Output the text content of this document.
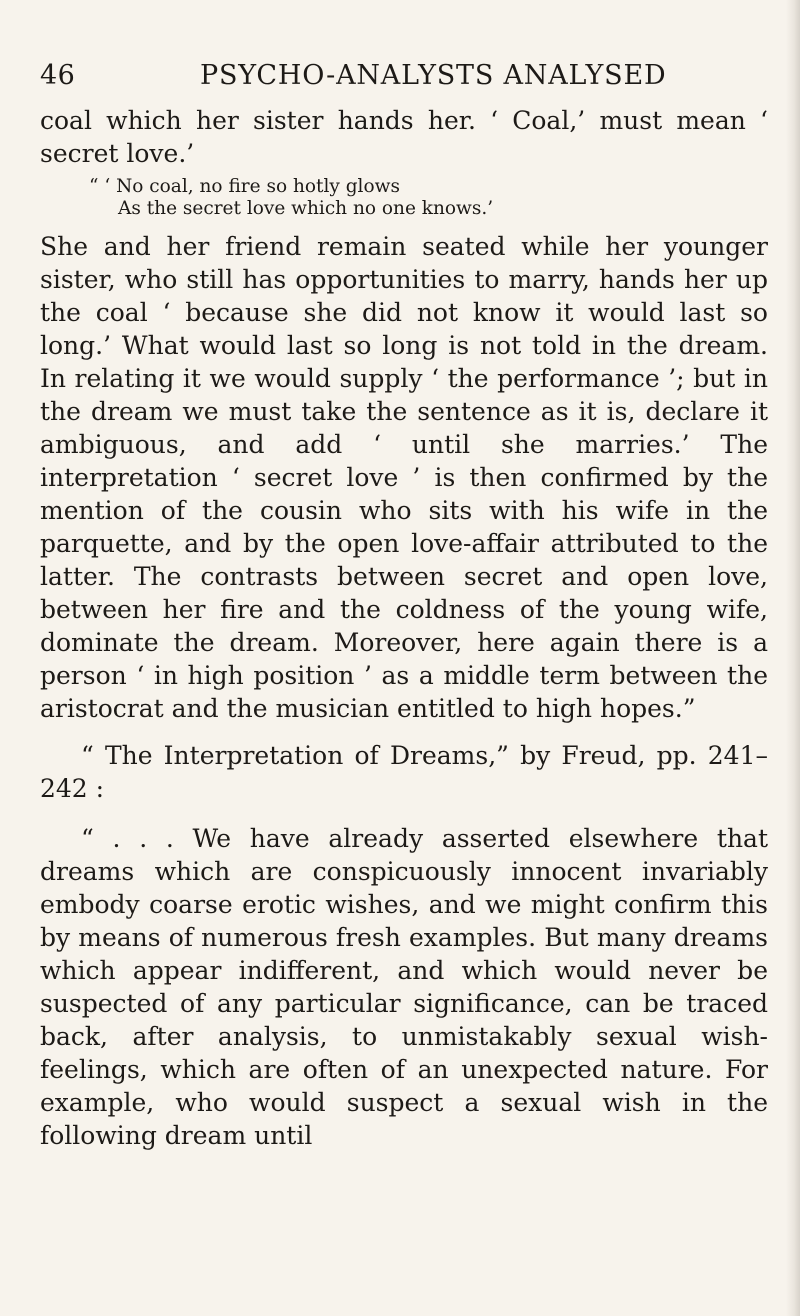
46	PSYCHO-ANALYSTS ANALYSED

coal which her sister hands her. ‘ Coal,’ must mean ‘ secret love.’

“ ‘ No coal, no fire so hotly glows
As the secret love which no one knows.’

She and her friend remain seated while her younger sister, who still has opportunities to marry, hands her up the coal ‘ because she did not know it would last so long.’ What would last so long is not told in the dream. In relating it we would supply ‘ the performance ’; but in the dream we must take the sentence as it is, declare it ambiguous, and add ‘ until she marries.’ The interpretation ‘ secret love ’ is then confirmed by the mention of the cousin who sits with his wife in the parquette, and by the open love-affair attributed to the latter. The contrasts between secret and open love, between her fire and the coldness of the young wife, dominate the dream. Moreover, here again there is a person ‘ in high position ’ as a middle term between the aristocrat and the musician entitled to high hopes.”

“ The Interpretation of Dreams,” by Freud, pp. 241–242 :

“ . . . We have already asserted elsewhere that dreams which are conspicuously innocent invariably embody coarse erotic wishes, and we might confirm this by means of numerous fresh examples. But many dreams which appear indifferent, and which would never be suspected of any particular significance, can be traced back, after analysis, to unmistakably sexual wish-feelings, which are often of an unexpected nature. For example, who would suspect a sexual wish in the following dream until
